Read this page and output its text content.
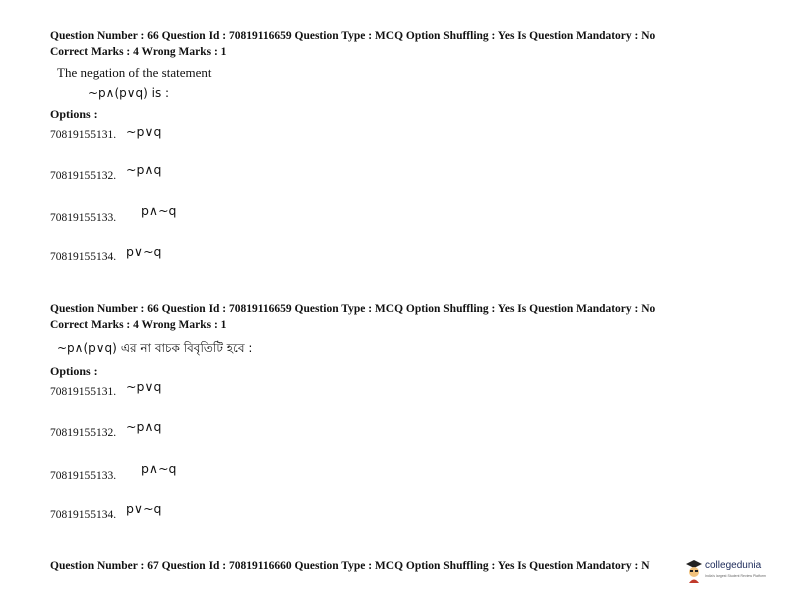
Question Number : 66 Question Id : 70819116659 Question Type : MCQ Option Shuffling : Yes Is Question Mandatory : No
Correct Marks : 4 Wrong Marks : 1
The negation of the statement
~p∧(p∨q) is :
Options :
70819155131. ~p∨q
70819155132. ~p∧q
70819155133. p∧~q
70819155134. p∨~q
Question Number : 66 Question Id : 70819116659 Question Type : MCQ Option Shuffling : Yes Is Question Mandatory : No
Correct Marks : 4 Wrong Marks : 1
~p∧(p∨q) এর না বাচক বিবৃতিটি হবে :
Options :
70819155131. ~p∨q
70819155132. ~p∧q
70819155133. p∧~q
70819155134. p∨~q
Question Number : 67 Question Id : 70819116660 Question Type : MCQ Option Shuffling : Yes Is Question Mandatory : N	collegedunia
India's largest Student Review Platform
